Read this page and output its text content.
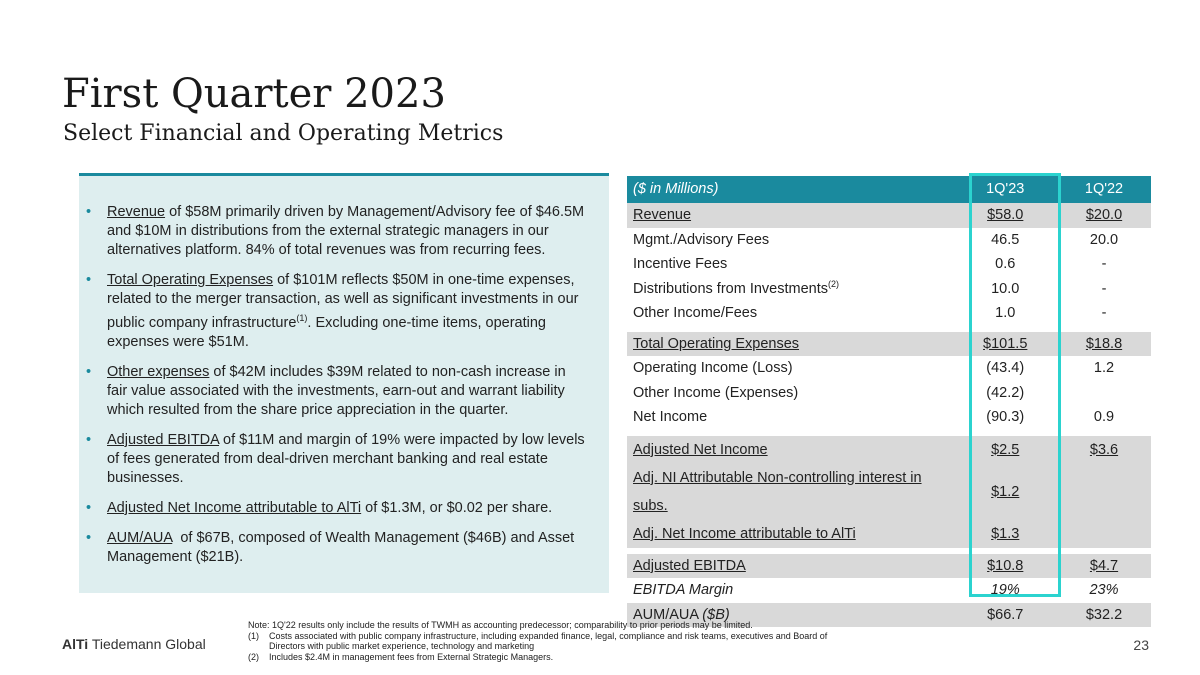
First Quarter 2023
Select Financial and Operating Metrics
• Revenue of $58M primarily driven by Management/Advisory fee of $46.5M and $10M in distributions from the external strategic managers in our alternatives platform. 84% of total revenues was from recurring fees.
• Total Operating Expenses of $101M reflects $50M in one-time expenses, related to the merger transaction, as well as significant investments in our public company infrastructure$^{(1)}$. Excluding one-time items, operating expenses were $51M.
• Other expenses of $42M includes $39M related to non-cash increase in fair value associated with the investments, earn-out and warrant liability which resulted from the share price appreciation in the quarter.
• Adjusted EBITDA of $11M and margin of 19% were impacted by low levels of fees generated from deal-driven merchant banking and real estate businesses.
• Adjusted Net Income attributable to AlTi of $1.3M, or $0.02 per share.
• AUM/AUA  of $67B, composed of Wealth Management ($46B) and Asset Management ($21B).
($ in Millions)	1Q'23	1Q'22
Revenue	$58.0	$20.0
Mgmt./Advisory Fees	46.5	20.0
Incentive Fees	0.6	-
Distributions from Investments$^{(2)}$	10.0	-
Other Income/Fees	1.0	-

Total Operating Expenses	$101.5	$18.8
Operating Income (Loss)	(43.4)	1.2
Other Income (Expenses)	(42.2)	
Net Income	(90.3)	0.9

Adjusted Net Income	$2.5	$3.6
Adj. NI Attributable Non-controlling interest in subs.	$1.2	
Adj. Net Income attributable to AlTi	$1.3	

Adjusted EBITDA	$10.8	$4.7
EBITDA Margin	19%	23%
AUM/AUA ($B)	$66.7	$32.2
AlTi Tiedemann Global
Note: 1Q'22 results only include the results of TWMH as accounting predecessor; comparability to prior periods may be limited.
(1)	Costs associated with public company infrastructure, including expanded finance, legal, compliance and risk teams, executives and Board of Directors with public market experience, technology and marketing
(2)	Includes $2.4M in management fees from External Strategic Managers.
23
